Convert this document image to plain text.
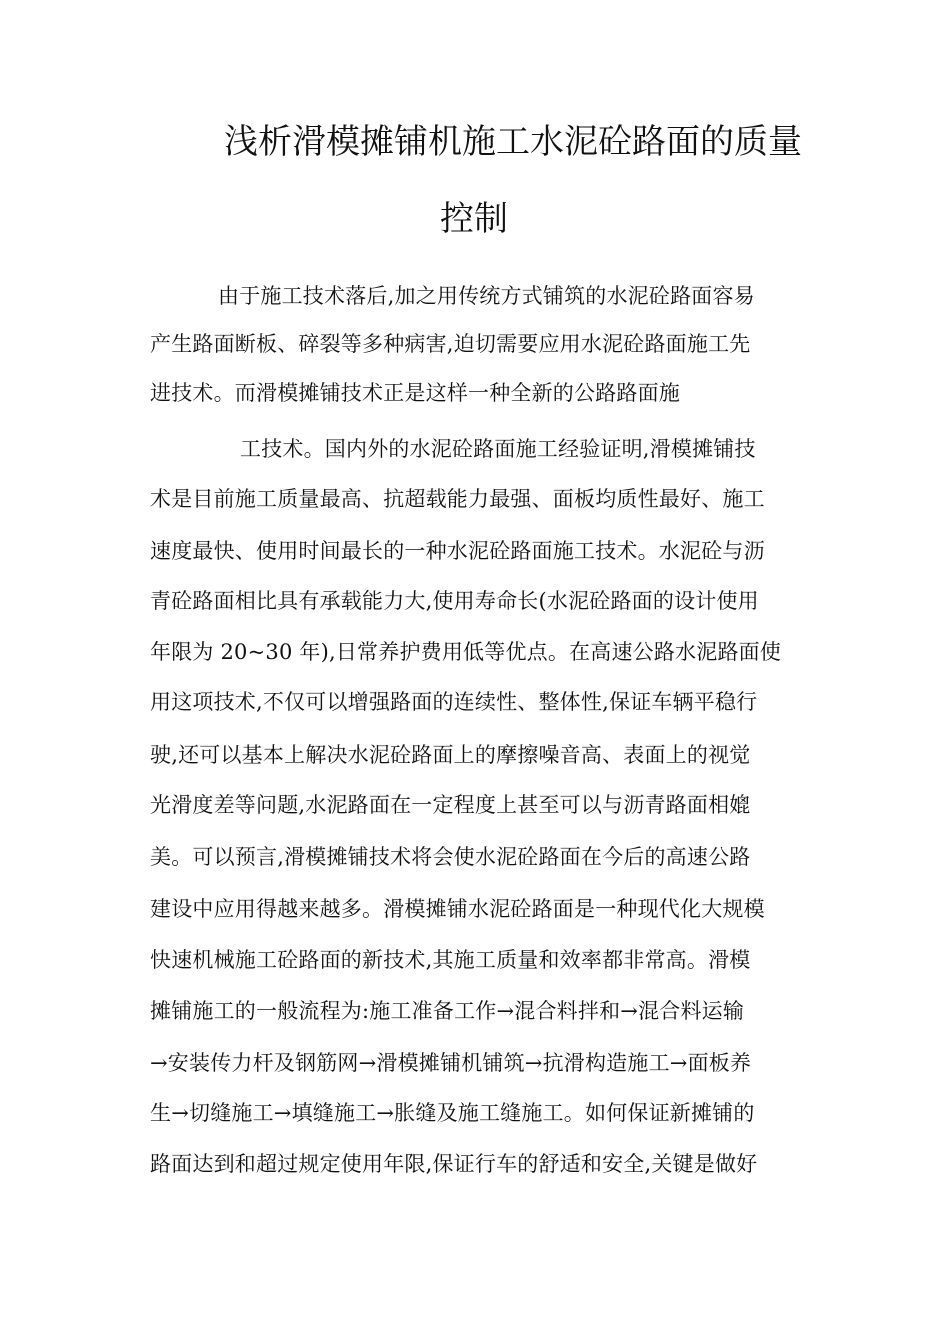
浅析滑模摊铺机施工水泥砼路面的质量
控制
由于施工技术落后,加之用传统方式铺筑的水泥砼路面容易
产生路面断板、碎裂等多种病害,迫切需要应用水泥砼路面施工先
进技术。而滑模摊铺技术正是这样一种全新的公路路面施
工技术。国内外的水泥砼路面施工经验证明,滑模摊铺技
术是目前施工质量最高、抗超载能力最强、面板均质性最好、施工
速度最快、使用时间最长的一种水泥砼路面施工技术。水泥砼与沥
青砼路面相比具有承载能力大,使用寿命长(水泥砼路面的设计使用
年限为 20~30 年),日常养护费用低等优点。在高速公路水泥路面使
用这项技术,不仅可以增强路面的连续性、整体性,保证车辆平稳行
驶,还可以基本上解决水泥砼路面上的摩擦噪音高、表面上的视觉
光滑度差等问题,水泥路面在一定程度上甚至可以与沥青路面相媲
美。可以预言,滑模摊铺技术将会使水泥砼路面在今后的高速公路
建设中应用得越来越多。滑模摊铺水泥砼路面是一种现代化大规模
快速机械施工砼路面的新技术,其施工质量和效率都非常高。滑模
摊铺施工的一般流程为:施工准备工作→混合料拌和→混合料运输
→安装传力杆及钢筋网→滑模摊铺机铺筑→抗滑构造施工→面板养
生→切缝施工→填缝施工→胀缝及施工缝施工。如何保证新摊铺的
路面达到和超过规定使用年限,保证行车的舒适和安全,关键是做好
